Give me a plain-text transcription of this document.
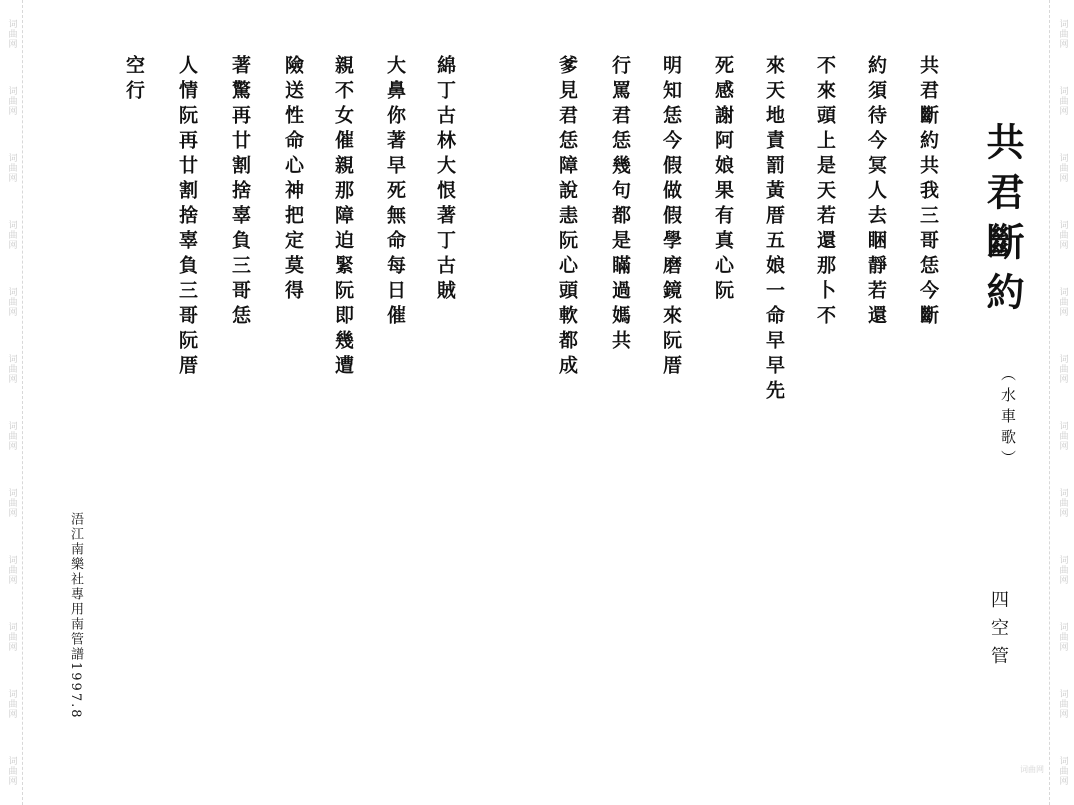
词曲网
词曲网
词曲网
词曲网
词曲网
词曲网
词曲网
词曲网
词曲网
词曲网
词曲网
词曲网
词曲网
词曲网
词曲网
词曲网
词曲网
词曲网
词曲网
词曲网
词曲网
词曲网
词曲网
词曲网
共君斷約
（水車歌）
四空管
共君斷約共我三哥恁今斷
約須待今冥人去睏靜若還
不來頭上是天若還那卜不
來天地責罰黃厝五娘一命早早先
死感謝阿娘果有真心阮
明知恁今假做假學磨鏡來阮厝
行罵君恁幾句都是瞞過媽共
爹見君恁障說恚阮心頭軟都成
綿丁古林大恨著丁古賊
大鼻你著早死無命每日催
親不女催親那障迫緊阮即幾遭
險送性命心神把定莫得
著驚再廿割捨辜負三哥恁
人情阮再廿割捨辜負三哥阮厝
空行
浯江南樂社專用南管譜1997.8
词曲网
